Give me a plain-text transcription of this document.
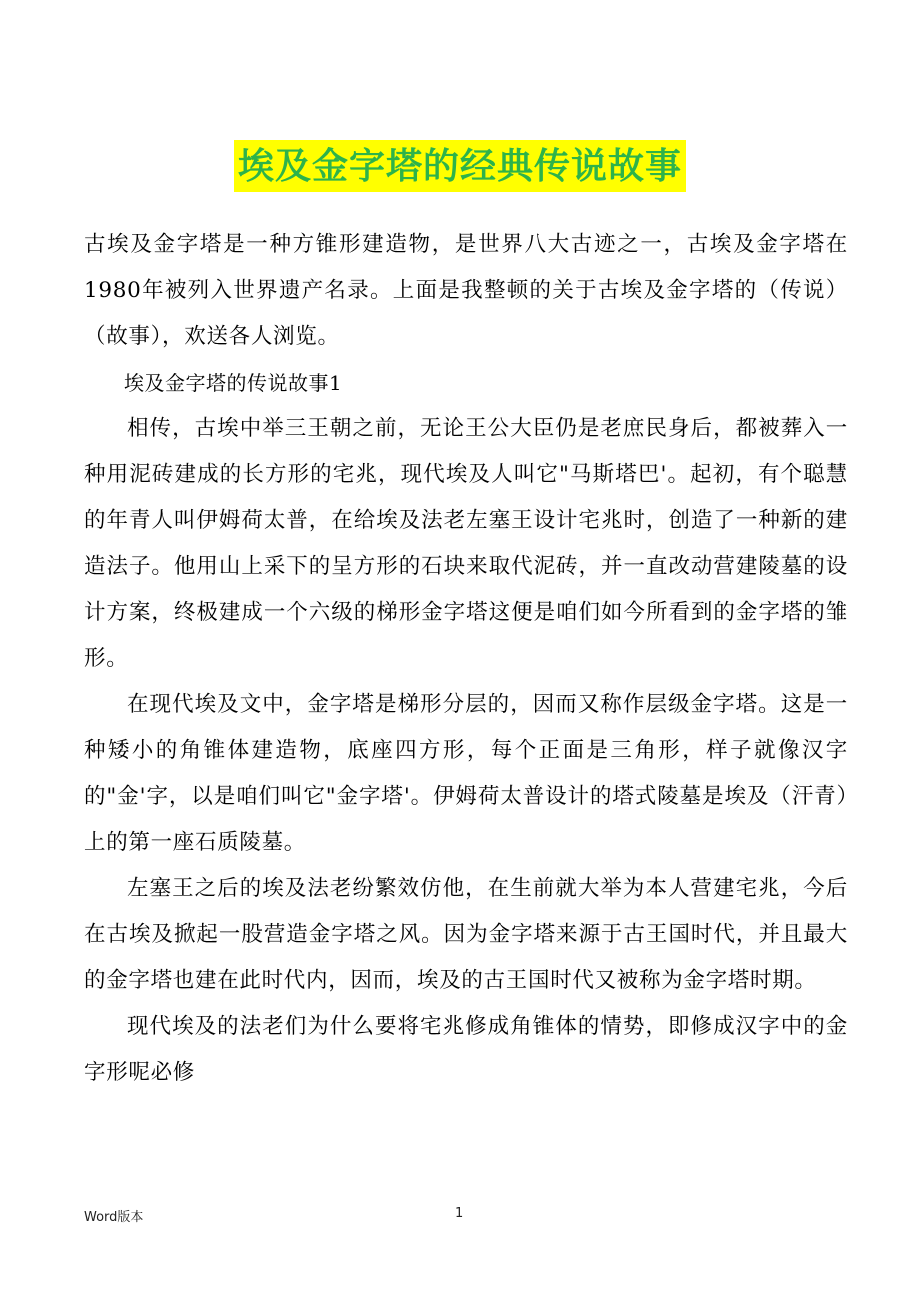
埃及金字塔的经典传说故事

古埃及金字塔是一种方锥形建造物，是世界八大古迹之一，古埃及金字塔在1980年被列入世界遗产名录。上面是我整顿的关于古埃及金字塔的（传说）（故事），欢送各人浏览。

埃及金字塔的传说故事1

相传，古埃中举三王朝之前，无论王公大臣仍是老庶民身后，都被葬入一种用泥砖建成的长方形的宅兆，现代埃及人叫它"马斯塔巴'。起初，有个聪慧的年青人叫伊姆荷太普，在给埃及法老左塞王设计宅兆时，创造了一种新的建造法子。他用山上采下的呈方形的石块来取代泥砖，并一直改动营建陵墓的设计方案，终极建成一个六级的梯形金字塔这便是咱们如今所看到的金字塔的雏形。

在现代埃及文中，金字塔是梯形分层的，因而又称作层级金字塔。这是一种矮小的角锥体建造物，底座四方形，每个正面是三角形，样子就像汉字的"金'字，以是咱们叫它"金字塔'。伊姆荷太普设计的塔式陵墓是埃及（汗青）上的第一座石质陵墓。

左塞王之后的埃及法老纷繁效仿他，在生前就大举为本人营建宅兆，今后在古埃及掀起一股营造金字塔之风。因为金字塔来源于古王国时代，并且最大的金字塔也建在此时代内，因而，埃及的古王国时代又被称为金字塔时期。

现代埃及的法老们为什么要将宅兆修成角锥体的情势，即修成汉字中的金字形呢必修

Word版本	1
